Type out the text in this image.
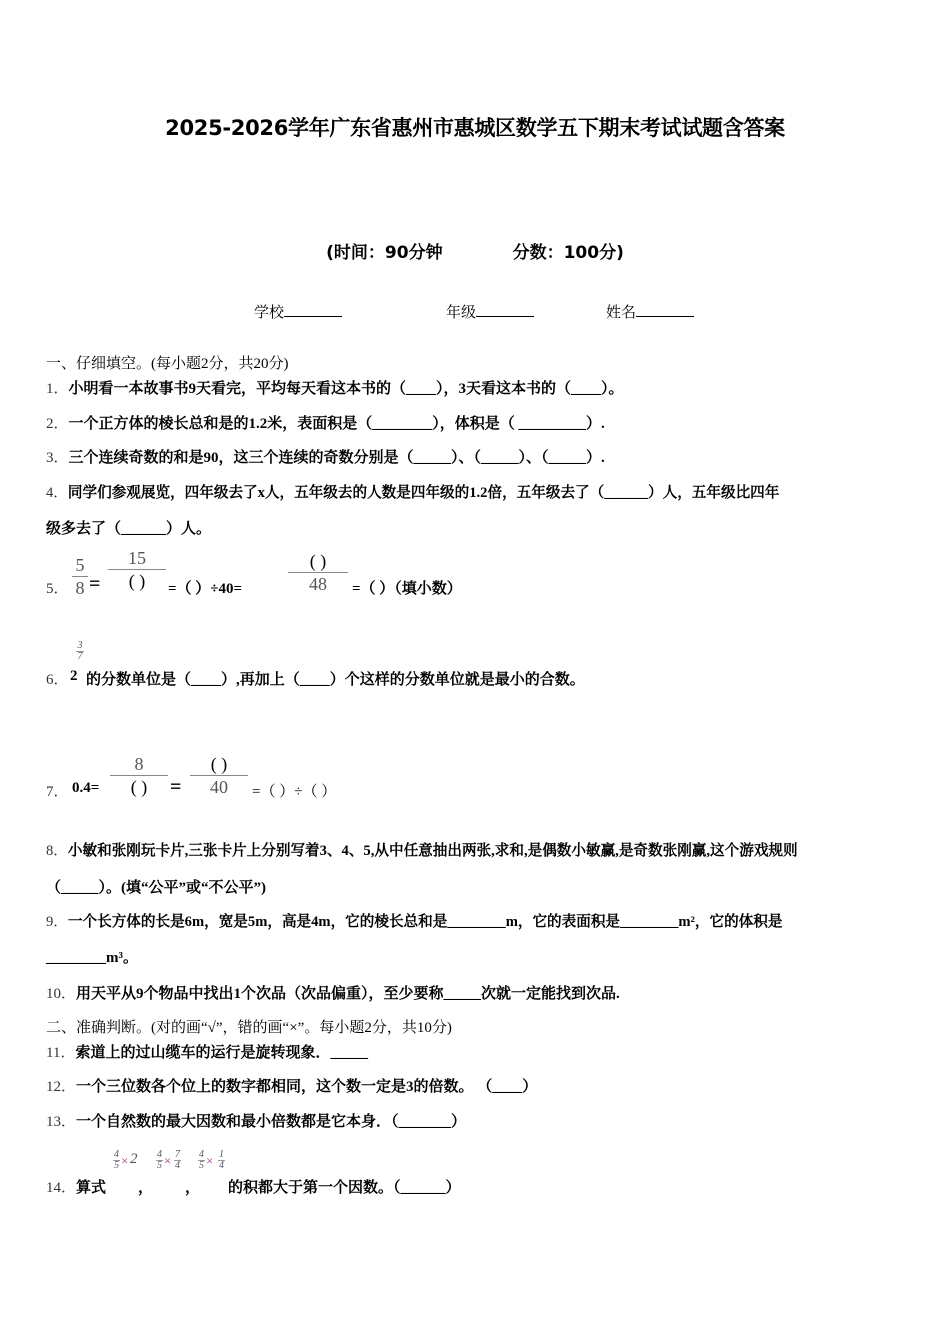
2025-2026学年广东省惠州市惠城区数学五下期末考试试题含答案
(时间：90分钟	分数：100分)
学校	年级	姓名
一、仔细填空。(每小题2分，共20分)
1．小明看一本故事书9天看完，平均每天看这本书的（____），3天看这本书的（____）。
2．一个正方体的棱长总和是的1.2米，表面积是（________），体积是（ _________）.
3．三个连续奇数的和是90，这三个连续的奇数分别是（_____）、（_____）、（_____）.
4．同学们参观展览，四年级去了x人，五年级去的人数是四年级的1.2倍，五年级去了（______）人，五年级比四年
级多去了（______）人。
5．
5
8 =
15
( )	=（ ）÷40=
( )
48	=（ ）（填小数）
6．
3
7
2 的分数单位是（____）,再加上（____）个这样的分数单位就是最小的合数。
7． 0.4=
8
( )	=
( )
40	=（ ）÷（ ）
8．小敏和张刚玩卡片,三张卡片上分别写着3、4、5,从中任意抽出两张,求和,是偶数小敏赢,是奇数张刚赢,这个游戏规则
（_____）。(填“公平”或“不公平”)
9．一个长方体的长是6m，宽是5m，高是4m，它的棱长总和是________m，它的表面积是________m²，它的体积是
________m³。
10．用天平从9个物品中找出1个次品（次品偏重），至少要称_____次就一定能找到次品.
二、准确判断。(对的画“√”，错的画“×”。每小题2分，共10分)
11．索道上的过山缆车的运行是旋转现象．_____
12．一个三位数各个位上的数字都相同，这个数一定是3的倍数。 （____）
13．一个自然数的最大因数和最小倍数都是它本身．（_______）
14．算式
4
5 × 2
，
4
5 × 7
4
，
4
5 × 1
4
的积都大于第一个因数。（______）
